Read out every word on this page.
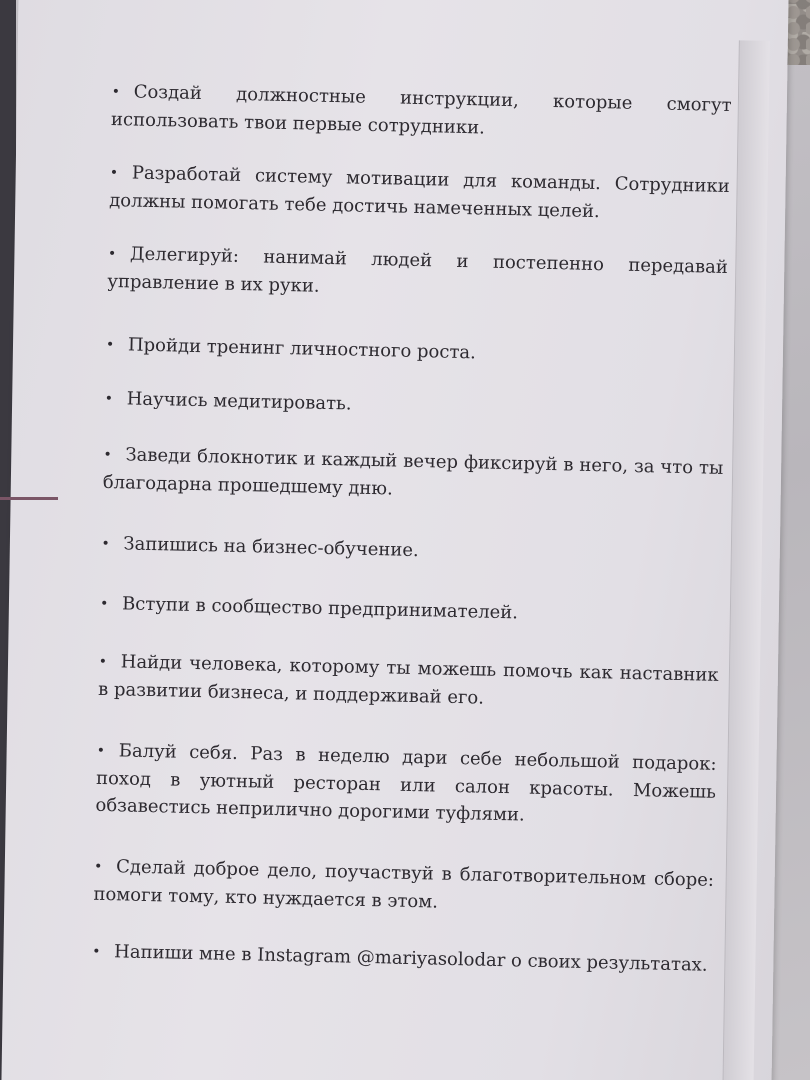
• Создай должностные инструкции, которые смогут использовать твои первые сотрудники.

• Разработай систему мотивации для команды. Сотрудники должны помогать тебе достичь намеченных целей.

• Делегируй: нанимай людей и постепенно передавай управление в их руки.

• Пройди тренинг личностного роста.

• Научись медитировать.

• Заведи блокнотик и каждый вечер фиксируй в него, за что ты благодарна прошедшему дню.

• Запишись на бизнес-обучение.

• Вступи в сообщество предпринимателей.

• Найди человека, которому ты можешь помочь как наставник в развитии бизнеса, и поддерживай его.

• Балуй себя. Раз в неделю дари себе небольшой подарок: поход в уютный ресторан или салон красоты. Можешь обзавестись неприлично дорогими туфлями.

• Сделай доброе дело, поучаствуй в благотворительном сборе: помоги тому, кто нуждается в этом.

• Напиши мне в Instagram @mariyasolodar о своих результатах.
